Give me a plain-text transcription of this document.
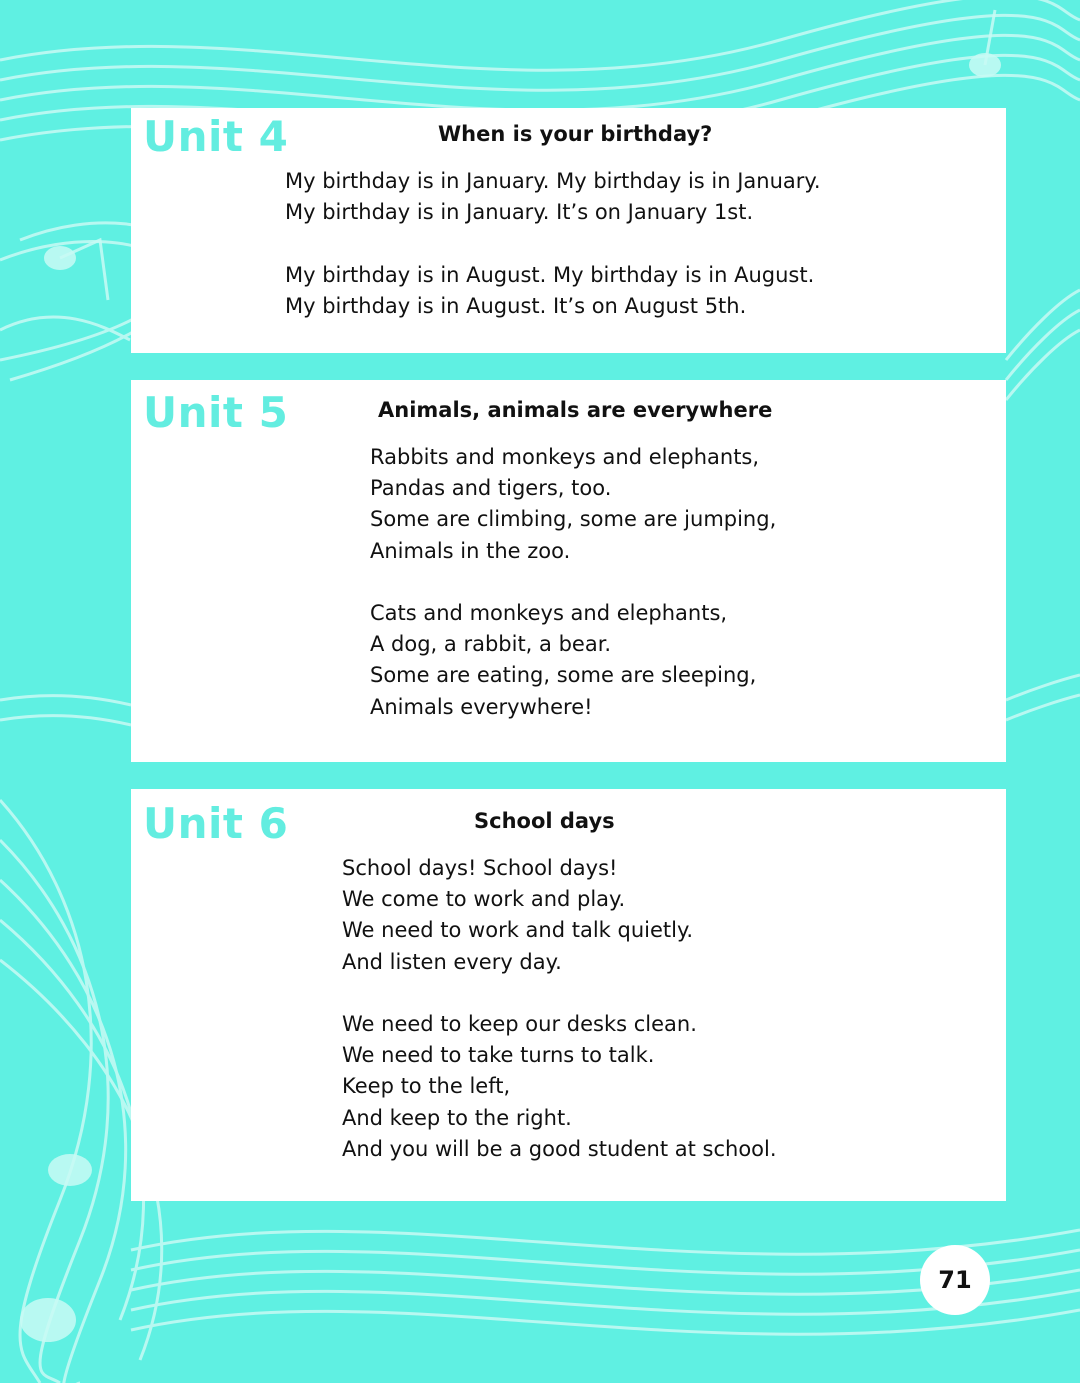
Unit 4	When is your birthday?
My birthday is in January. My birthday is in January.
My birthday is in January. It’s on January 1st.
My birthday is in August. My birthday is in August.
My birthday is in August. It’s on August 5th.
Unit 5	Animals, animals are everywhere
Rabbits and monkeys and elephants,
Pandas and tigers, too.
Some are climbing, some are jumping,
Animals in the zoo.
Cats and monkeys and elephants,
A dog, a rabbit, a bear.
Some are eating, some are sleeping,
Animals everywhere!
Unit 6	School days
School days! School days!
We come to work and play.
We need to work and talk quietly.
And listen every day.
We need to keep our desks clean.
We need to take turns to talk.
Keep to the left,
And keep to the right.
And you will be a good student at school.
71
